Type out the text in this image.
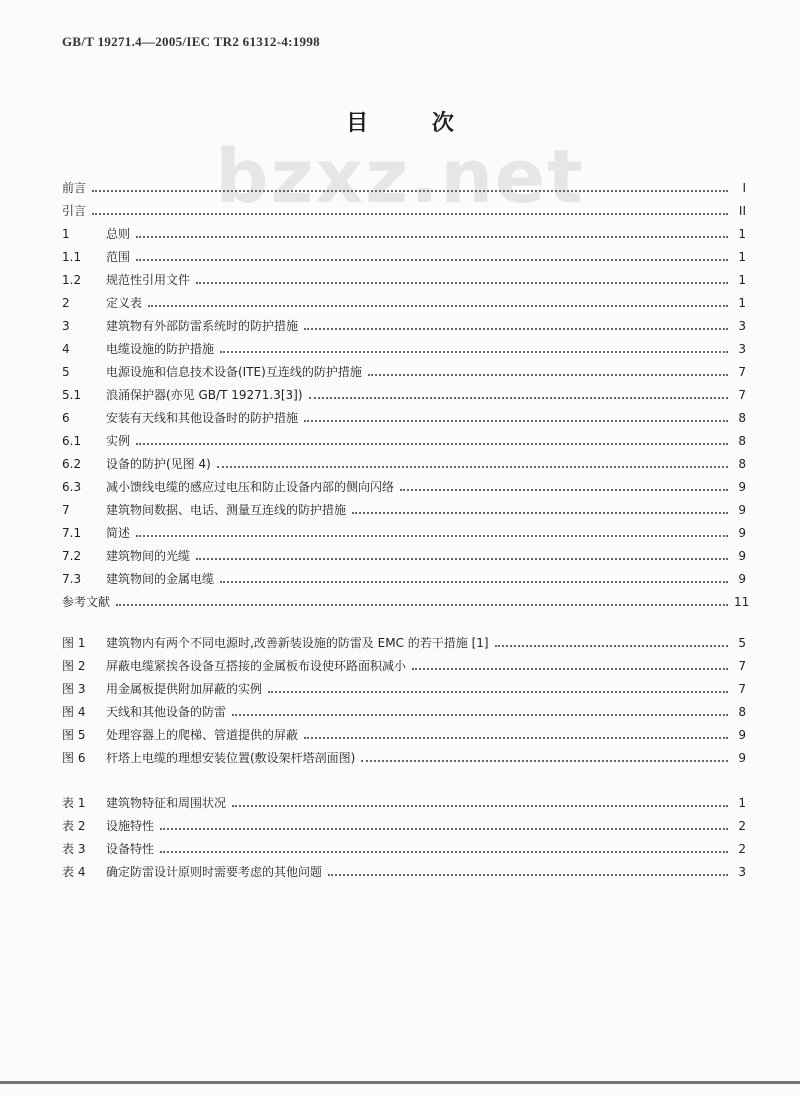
GB/T 19271.4—2005/IEC TR2 61312-4:1998
bzxz.net
目 次
前言	I
引言	II
1	总则	1
1.1	范围	1
1.2	规范性引用文件	1
2	定义表	1
3	建筑物有外部防雷系统时的防护措施	3
4	电缆设施的防护措施	3
5	电源设施和信息技术设备(ITE)互连线的防护措施	7
5.1	浪涌保护器(亦见 GB/T 19271.3[3])	7
6	安装有天线和其他设备时的防护措施	8
6.1	实例	8
6.2	设备的防护(见图 4)	8
6.3	减小馈线电缆的感应过电压和防止设备内部的侧向闪络	9
7	建筑物间数据、电话、测量互连线的防护措施	9
7.1	简述	9
7.2	建筑物间的光缆	9
7.3	建筑物间的金属电缆	9
参考文献	11
图 1	建筑物内有两个不同电源时,改善新装设施的防雷及 EMC 的若干措施 [1]	5
图 2	屏蔽电缆紧挨各设备互搭接的金属板布设使环路面积减小	7
图 3	用金属板提供附加屏蔽的实例	7
图 4	天线和其他设备的防雷	8
图 5	处理容器上的爬梯、管道提供的屏蔽	9
图 6	杆塔上电缆的理想安装位置(敷设架杆塔剖面图)	9
表 1	建筑物特征和周围状况	1
表 2	设施特性	2
表 3	设备特性	2
表 4	确定防雷设计原则时需要考虑的其他问题	3
